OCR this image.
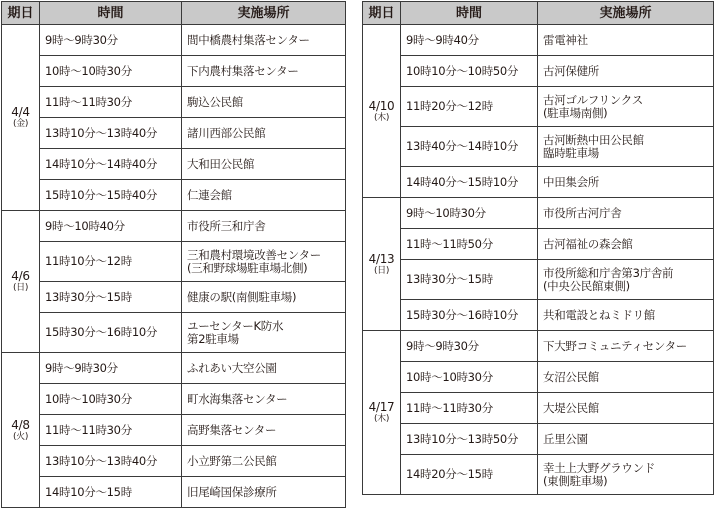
期日	時間	実施場所
4/4
(金)	9時〜9時30分	間中橋農村集落センター

	10時〜10時30分	下内農村集落センター

	11時〜11時30分	駒込公民館

	13時10分〜13時40分	諸川西部公民館

	14時10分〜14時40分	大和田公民館

	15時10分〜15時40分	仁連会館

4/6
(日)	9時〜10時40分	市役所三和庁舎

	11時10分〜12時	三和農村環境改善センター
(三和野球場駐車場北側)

	13時30分〜15時	健康の駅(南側駐車場)

	15時30分〜16時10分	ユーセンターK防水
第2駐車場

4/8
(火)	9時〜9時30分	ふれあい大空公園

	10時〜10時30分	町水海集落センター

	11時〜11時30分	高野集落センター

	13時10分〜13時40分	小立野第二公民館

	14時10分〜15時	旧尾崎国保診療所
期日	時間	実施場所
4/10
(木)	9時〜9時40分	雷電神社

	10時10分〜10時50分	古河保健所

	11時20分〜12時	古河ゴルフリンクス
(駐車場南側)

	13時40分〜14時10分	古河断熱中田公民館
臨時駐車場

	14時40分〜15時10分	中田集会所

4/13
(日)	9時〜10時30分	市役所古河庁舎

	11時〜11時50分	古河福祉の森会館

	13時30分〜15時	市役所総和庁舎第3庁舎前
(中央公民館東側)

	15時30分〜16時10分	共和電設とねミドリ館

4/17
(木)	9時〜9時30分	下大野コミュニティセンター

	10時〜10時30分	女沼公民館

	11時〜11時30分	大堤公民館

	13時10分〜13時50分	丘里公園

	14時20分〜15時	幸土上大野グラウンド
(東側駐車場)
